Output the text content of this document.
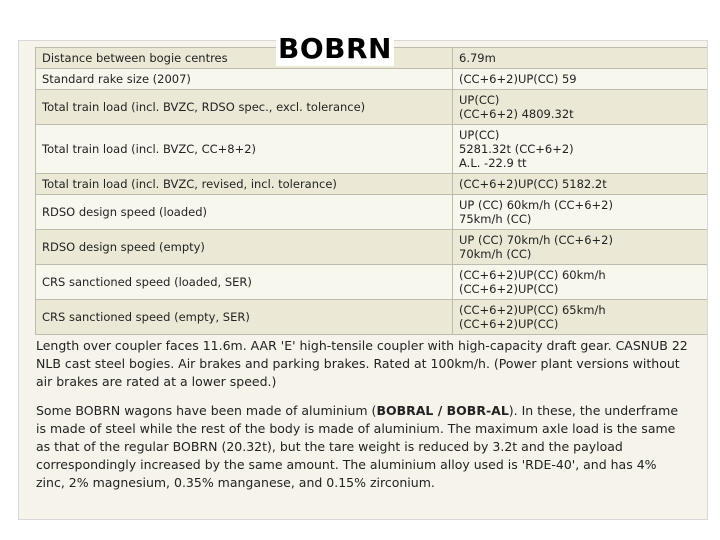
BOBRN
Distance between bogie centres	6.79m

Standard rake size (2007)	(CC+6+2)UP(CC) 59

Total train load (incl. BVZC, RDSO spec., excl. tolerance)	UP(CC)
(CC+6+2) 4809.32t

Total train load (incl. BVZC, CC+8+2)	UP(CC)
5281.32t (CC+6+2)
A.L. -22.9 tt

Total train load (incl. BVZC, revised, incl. tolerance)	(CC+6+2)UP(CC) 5182.2t

RDSO design speed (loaded)	UP (CC) 60km/h (CC+6+2)
75km/h (CC)

RDSO design speed (empty)	UP (CC) 70km/h (CC+6+2)
70km/h (CC)

CRS sanctioned speed (loaded, SER)	(CC+6+2)UP(CC) 60km/h
(CC+6+2)UP(CC)

CRS sanctioned speed (empty, SER)	(CC+6+2)UP(CC) 65km/h
(CC+6+2)UP(CC)

Length over coupler faces 11.6m. AAR 'E' high-tensile coupler with high-capacity draft gear. CASNUB 22 NLB cast steel bogies. Air brakes and parking brakes. Rated at 100km/h. (Power plant versions without air brakes are rated at a lower speed.)

Some BOBRN wagons have been made of aluminium (BOBRAL / BOBR-AL). In these, the underframe is made of steel while the rest of the body is made of aluminium. The maximum axle load is the same as that of the regular BOBRN (20.32t), but the tare weight is reduced by 3.2t and the payload correspondingly increased by the same amount. The aluminium alloy used is 'RDE-40', and has 4% zinc, 2% magnesium, 0.35% manganese, and 0.15% zirconium.
